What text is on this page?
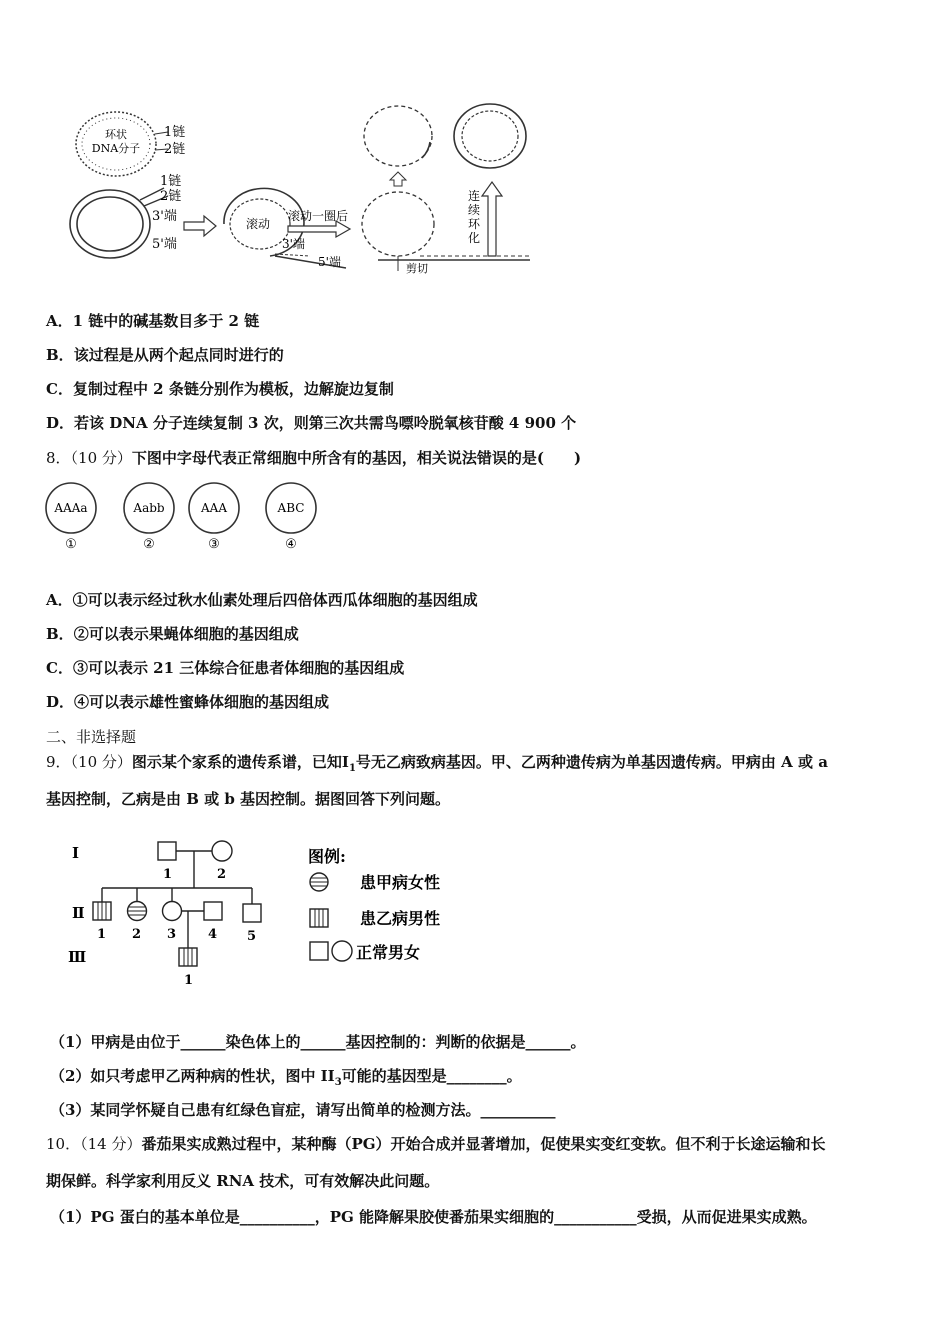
环状
DNA分子
1链
2链
1链
2链
3'端
5'端
滚动
3'端
5'端
滚动一圈后
剪切
连
续
环
化
A．1 链中的碱基数目多于 2 链
B．该过程是从两个起点同时进行的
C．复制过程中 2 条链分别作为模板，边解旋边复制
D．若该 DNA 分子连续复制 3 次，则第三次共需鸟嘌呤脱氧核苷酸 4 900 个
8．（10 分）下图中字母代表正常细胞中所含有的基因，相关说法错误的是(　　)
AAAa
①
Aabb
②
AAA
③
ABC
④
A．①可以表示经过秋水仙素处理后四倍体西瓜体细胞的基因组成
B．②可以表示果蝇体细胞的基因组成
C．③可以表示 21 三体综合征患者体细胞的基因组成
D．④可以表示雄性蜜蜂体细胞的基因组成
二、非选择题
9．（10 分）图示某个家系的遗传系谱，已知$Ⅰ_1$号无乙病致病基因。甲、乙两种遗传病为单基因遗传病。甲病由 A 或 a
基因控制，乙病是由 B 或 b 基因控制。据图回答下列问题。
Ⅰ
Ⅱ
Ⅲ
1	2
1 2 3 4 5
1
图例:
患甲病女性
患乙病男性
正常男女
（1）甲病是由位于______染色体上的______基因控制的：判断的依据是______。
（2）如只考虑甲乙两种病的性状，图中 $II_3$可能的基因型是________。
（3）某同学怀疑自己患有红绿色盲症，请写出简单的检测方法。__________
10．（14 分）番茄果实成熟过程中，某种酶（PG）开始合成并显著增加，促使果实变红变软。但不利于长途运输和长
期保鲜。科学家利用反义 RNA 技术，可有效解决此问题。
（1）PG 蛋白的基本单位是__________，PG 能降解果胶使番茄果实细胞的___________受损，从而促进果实成熟。
